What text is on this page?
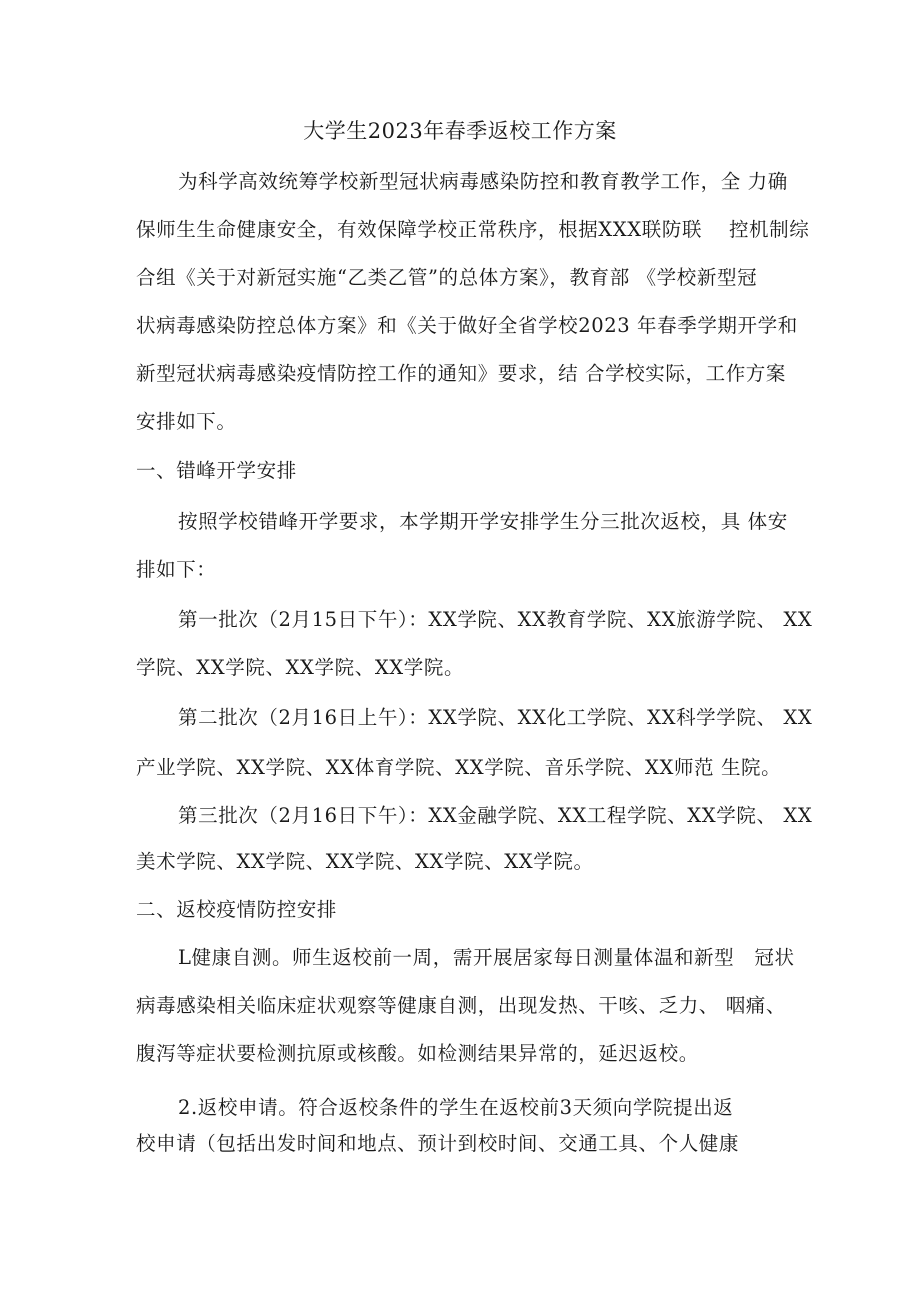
大学生2023年春季返校工作方案
为科学高效统筹学校新型冠状病毒感染防控和教育教学工作，全 力确
保师生生命健康安全，有效保障学校正常秩序，根据XXX联防联　 控机制综
合组《关于对新冠实施“乙类乙管”的总体方案》，教育部 《学校新型冠
状病毒感染防控总体方案》和《关于做好全省学校2023 年春季学期开学和
新型冠状病毒感染疫情防控工作的通知》要求，结 合学校实际，工作方案
安排如下。
一、错峰开学安排
按照学校错峰开学要求，本学期开学安排学生分三批次返校，具 体安
排如下：
第一批次（2月15日下午）：XX学院、XX教育学院、XX旅游学院、 XX
学院、XX学院、XX学院、XX学院。
第二批次（2月16日上午）：XX学院、XX化工学院、XX科学学院、 XX
产业学院、XX学院、XX体育学院、XX学院、音乐学院、XX师范 生院。
第三批次（2月16日下午）：XX金融学院、XX工程学院、XX学院、 XX
美术学院、XX学院、XX学院、XX学院、XX学院。
二、返校疫情防控安排
L健康自测。师生返校前一周，需开展居家每日测量体温和新型　冠状
病毒感染相关临床症状观察等健康自测，出现发热、干咳、乏力、 咽痛、
腹泻等症状要检测抗原或核酸。如检测结果异常的，延迟返校。
2.返校申请。符合返校条件的学生在返校前3天须向学院提出返
校申请（包括出发时间和地点、预计到校时间、交通工具、个人健康
